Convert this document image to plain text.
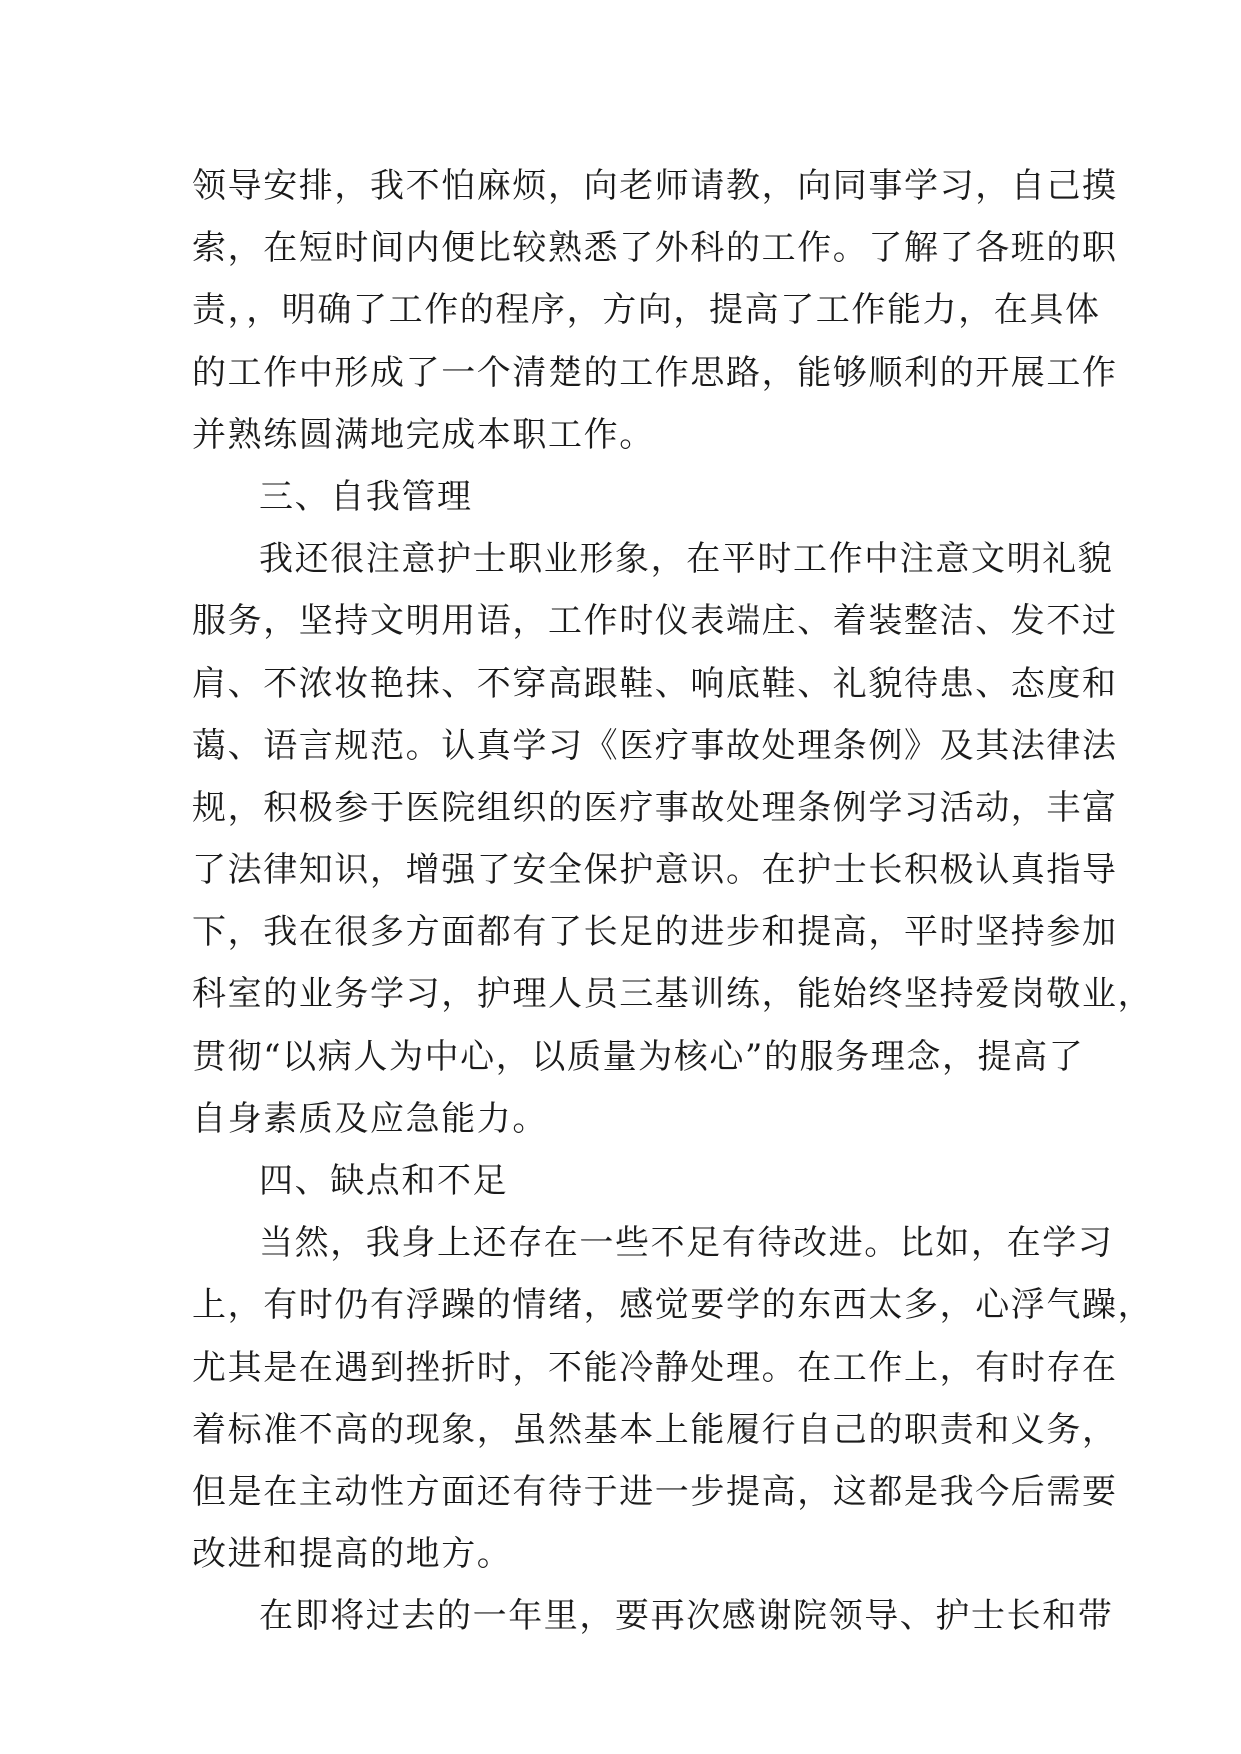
领导安排，我不怕麻烦，向老师请教，向同事学习，自己摸
索，在短时间内便比较熟悉了外科的工作。了解了各班的职
责，，明确了工作的程序，方向，提高了工作能力，在具体
的工作中形成了一个清楚的工作思路，能够顺利的开展工作
并熟练圆满地完成本职工作。
三、自我管理
我还很注意护士职业形象，在平时工作中注意文明礼貌
服务，坚持文明用语，工作时仪表端庄、着装整洁、发不过
肩、不浓妆艳抹、不穿高跟鞋、响底鞋、礼貌待患、态度和
蔼、语言规范。认真学习《医疗事故处理条例》及其法律法
规，积极参于医院组织的医疗事故处理条例学习活动，丰富
了法律知识，增强了安全保护意识。在护士长积极认真指导
下，我在很多方面都有了长足的进步和提高，平时坚持参加
科室的业务学习，护理人员三基训练，能始终坚持爱岗敬业，
贯彻“以病人为中心，以质量为核心”的服务理念，提高了
自身素质及应急能力。
四、缺点和不足
当然，我身上还存在一些不足有待改进。比如，在学习
上，有时仍有浮躁的情绪，感觉要学的东西太多，心浮气躁，
尤其是在遇到挫折时，不能冷静处理。在工作上，有时存在
着标准不高的现象，虽然基本上能履行自己的职责和义务，
但是在主动性方面还有待于进一步提高，这都是我今后需要
改进和提高的地方。
在即将过去的一年里，要再次感谢院领导、护士长和带
